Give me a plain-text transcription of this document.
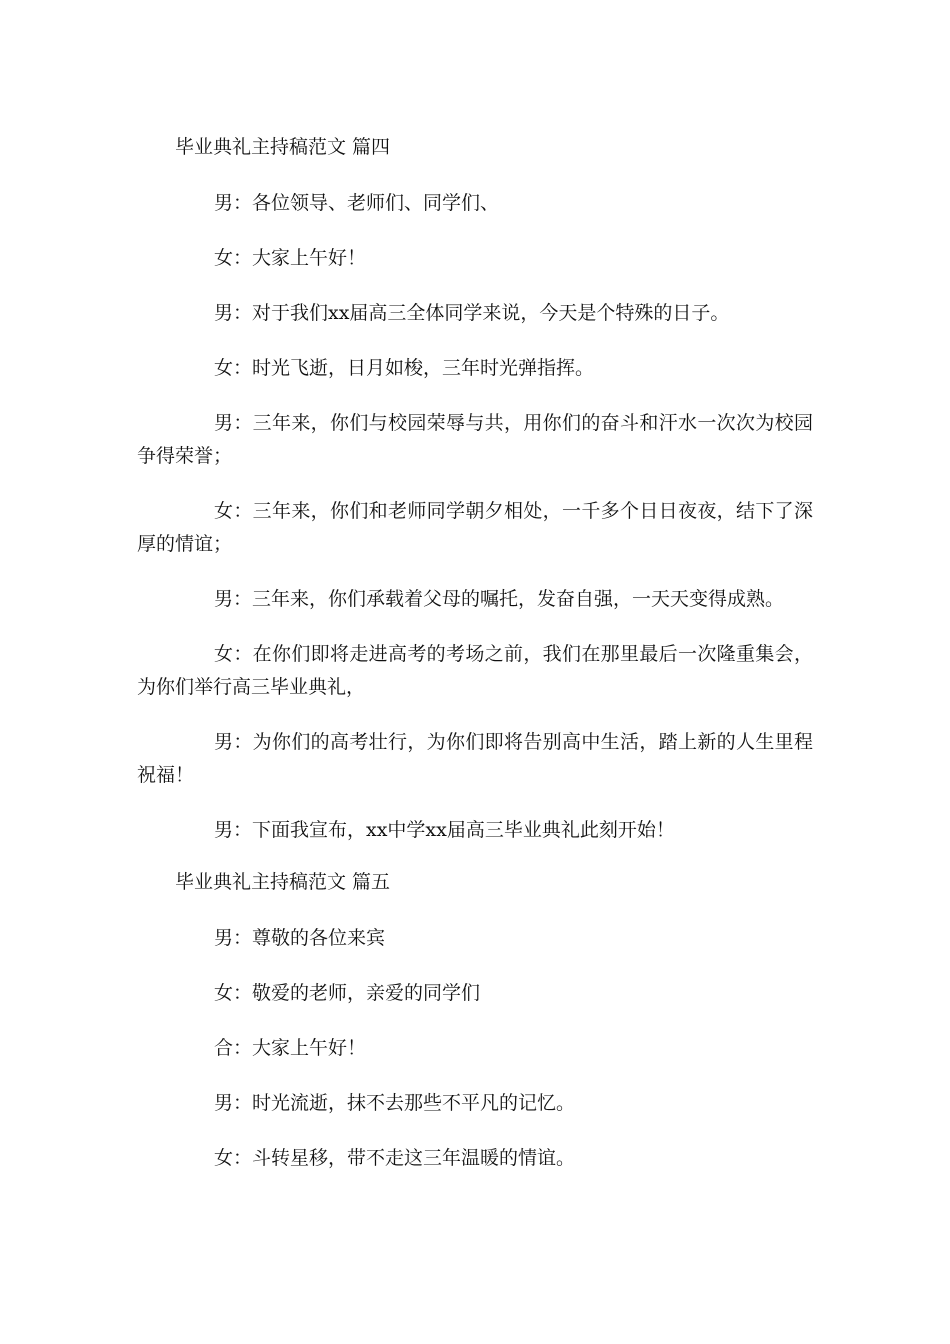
毕业典礼主持稿范文 篇四

男：各位领导、老师们、同学们、

女：大家上午好！

男：对于我们xx届高三全体同学来说，今天是个特殊的日子。

女：时光飞逝，日月如梭，三年时光弹指挥。

男：三年来，你们与校园荣辱与共，用你们的奋斗和汗水一次次为校园争得荣誉；

女：三年来，你们和老师同学朝夕相处，一千多个日日夜夜，结下了深厚的情谊；

男：三年来，你们承载着父母的嘱托，发奋自强，一天天变得成熟。

女：在你们即将走进高考的考场之前，我们在那里最后一次隆重集会，为你们举行高三毕业典礼，

男：为你们的高考壮行，为你们即将告别高中生活，踏上新的人生里程祝福！

男：下面我宣布，xx中学xx届高三毕业典礼此刻开始！

毕业典礼主持稿范文 篇五

男：尊敬的各位来宾

女：敬爱的老师，亲爱的同学们

合：大家上午好！

男：时光流逝，抹不去那些不平凡的记忆。

女：斗转星移，带不走这三年温暖的情谊。
